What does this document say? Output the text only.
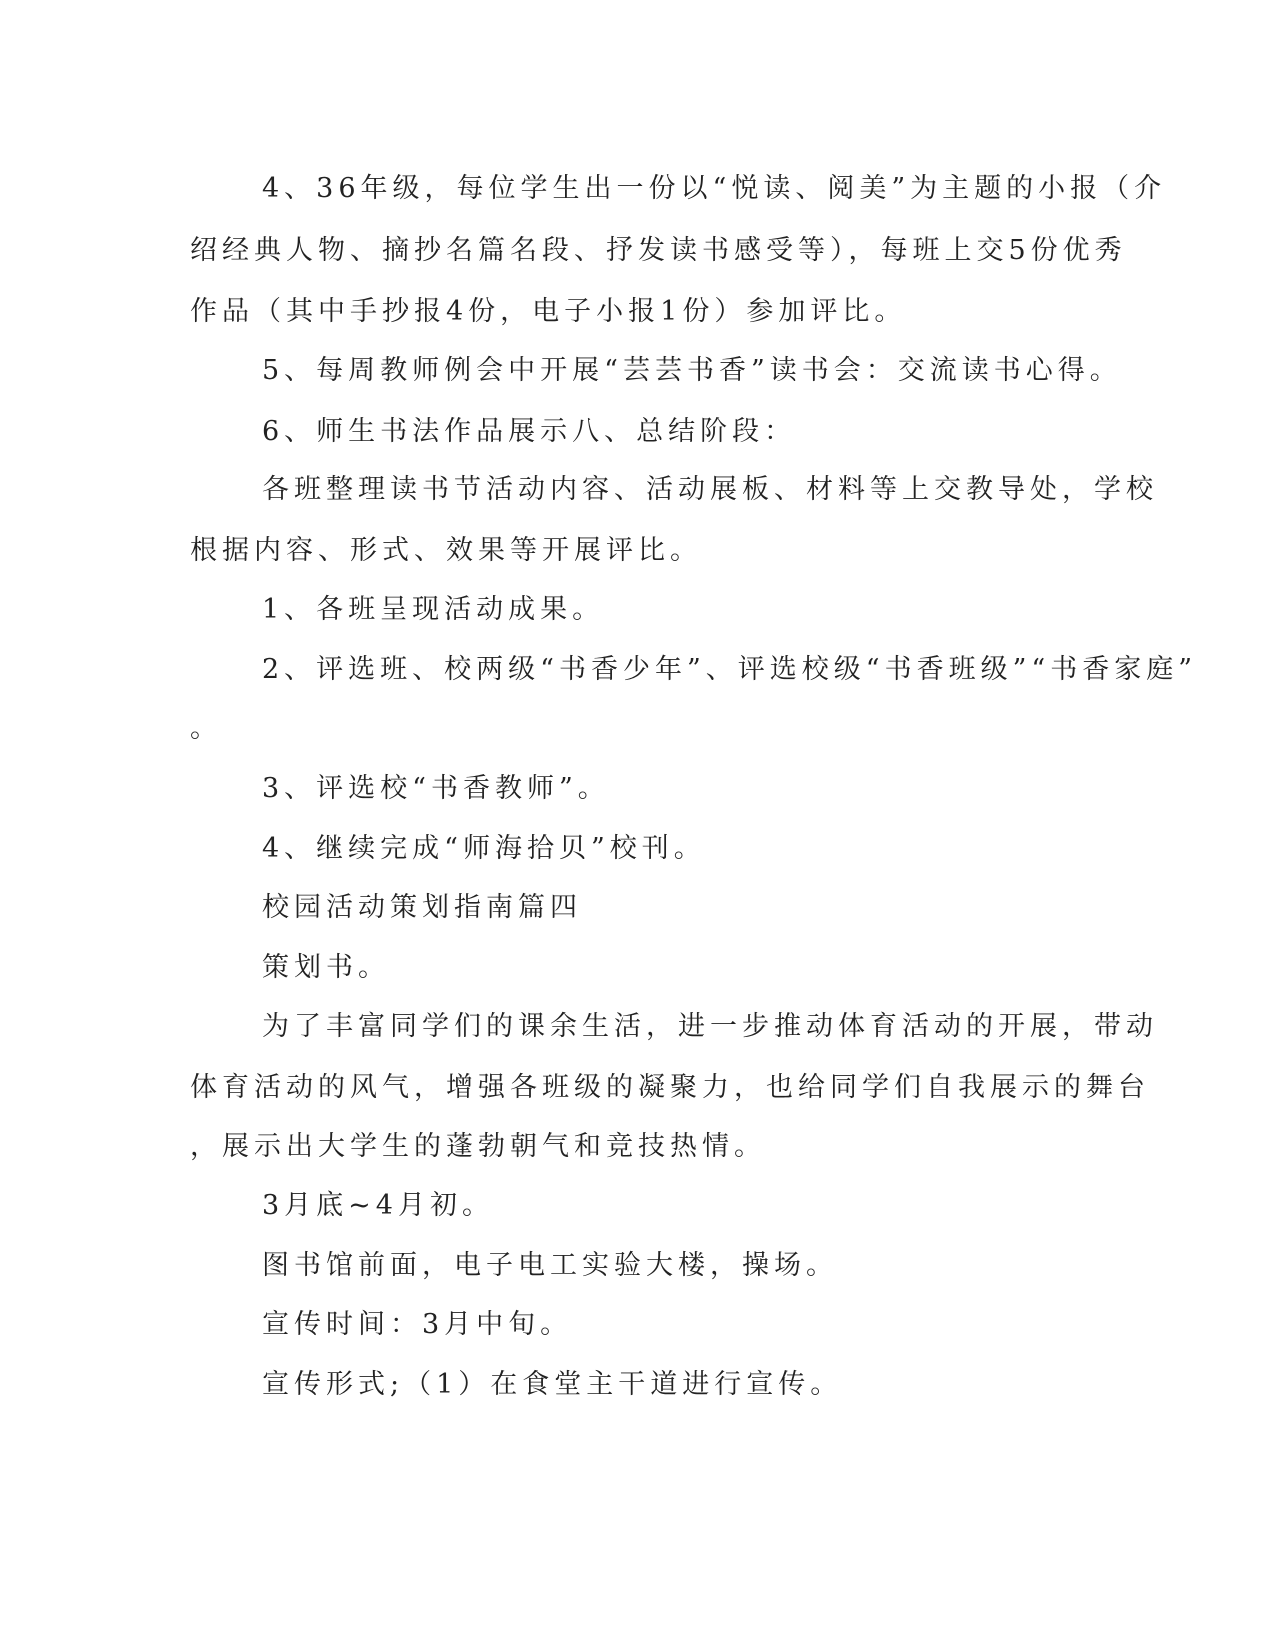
4、36年级，每位学生出一份以“悦读、阅美”为主题的小报（介

绍经典人物、摘抄名篇名段、抒发读书感受等），每班上交5份优秀

作品（其中手抄报4份，电子小报1份）参加评比。

5、每周教师例会中开展“芸芸书香”读书会：交流读书心得。

6、师生书法作品展示八、总结阶段：

各班整理读书节活动内容、活动展板、材料等上交教导处，学校

根据内容、形式、效果等开展评比。

1、各班呈现活动成果。

2、评选班、校两级“书香少年”、评选校级“书香班级”“书香家庭”

。

3、评选校“书香教师”。

4、继续完成“师海拾贝”校刊。

校园活动策划指南篇四

策划书。

为了丰富同学们的课余生活，进一步推动体育活动的开展，带动

体育活动的风气，增强各班级的凝聚力，也给同学们自我展示的舞台

，展示出大学生的蓬勃朝气和竞技热情。

3月底~4月初。

图书馆前面，电子电工实验大楼，操场。

宣传时间：3月中旬。

宣传形式;（1）在食堂主干道进行宣传。
